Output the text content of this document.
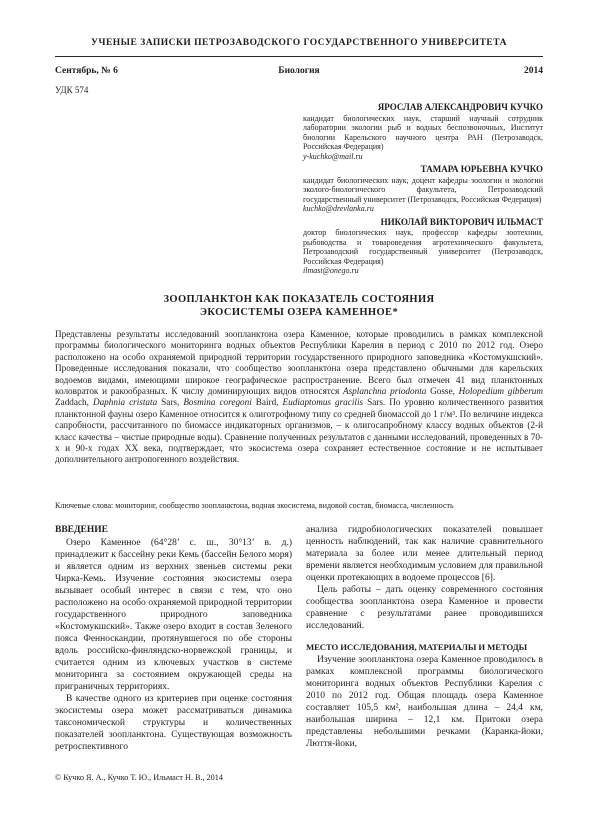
УЧЕНЫЕ ЗАПИСКИ ПЕТРОЗАВОДСКОГО ГОСУДАРСТВЕННОГО УНИВЕРСИТЕТА
Сентябрь, № 6	Биология	2014
УДК 574
ЯРОСЛАВ АЛЕКСАНДРОВИЧ КУЧКО
кандидат биологических наук, старший научный сотрудник лаборатории экологии рыб и водных беспозвоночных, Институт биологии Карельского научного центра РАН (Петрозаводск, Российская Федерация)
y-kuchko@mail.ru
ТАМАРА ЮРЬЕВНА КУЧКО
кандидат биологических наук, доцент кафедры зоологии и экологии эколого-биологического факультета, Петрозаводский государственный университет (Петрозаводск, Российская Федерация)
kuchko@drevlanka.ru
НИКОЛАЙ ВИКТОРОВИЧ ИЛЬМАСТ
доктор биологических наук, профессор кафедры зоотехнии, рыбоводства и товароведения агротехнического факультета, Петрозаводский государственный университет (Петрозаводск, Российская Федерация)
ilmast@onego.ru
ЗООПЛАНКТОН КАК ПОКАЗАТЕЛЬ СОСТОЯНИЯ
ЭКОСИСТЕМЫ ОЗЕРА КАМЕННОЕ*
Представлены результаты исследований зоопланктона озера Каменное, которые проводились в рамках комплексной программы биологического мониторинга водных объектов Республики Карелия в период с 2010 по 2012 год. Озеро расположено на особо охраняемой природной территории государственного природного заповедника «Костомукшский». Проведенные исследования показали, что сообщество зоопланктона озера представлено обычными для карельских водоемов видами, имеющими широкое географическое распространение. Всего был отмечен 41 вид планктонных коловраток и ракообразных. К числу доминирующих видов относятся Asplanchna priodonta Gosse, Holopedium gibberum Zaddach, Daphnia cristata Sars, Bosmina coregoni Baird, Eudiaptomus gracilis Sars. По уровню количественного развития планктонной фауны озеро Каменное относится к олиготрофному типу со средней биомассой до 1 г/м³. По величине индекса сапробности, рассчитанного по биомассе индикаторных организмов, – к олигосапробному классу водных объектов (2-й класс качества – чистые природные воды). Сравнение полученных результатов с данными исследований, проведенных в 70-х и 90-х годах XX века, подтверждает, что экосистема озера сохраняет естественное состояние и не испытывает дополнительного антропогенного воздействия.
Ключевые слова: мониторинг, сообщество зоопланктона, водная экосистема, видовой состав, биомасса, численность
ВВЕДЕНИЕ

Озеро Каменное (64°28’ с. ш., 30°13’ в. д.) принадлежит к бассейну реки Кемь (бассейн Белого моря) и является одним из верхних звеньев системы реки Чирка-Кемь. Изучение состояния экосистемы озера вызывает особый интерес в связи с тем, что оно расположено на особо охраняемой природной территории государственного природного заповедника «Костомукшский». Также озеро входит в состав Зеленого пояса Фенноскандии, протянувшегося по обе стороны вдоль российско-финляндско-норвежской границы, и считается одним из ключевых участков в системе мониторинга за состоянием окружающей среды на приграничных территориях.

В качестве одного из критериев при оценке состояния экосистемы озера может рассматриваться динамика таксономической структуры и количественных показателей зоопланктона. Существующая возможность ретроспективного

анализа гидробиологических показателей повышает ценность наблюдений, так как наличие сравнительного материала за более или менее длительный период времени является необходимым условием для правильной оценки протекающих в водоеме процессов [6].

Цель работы – дать оценку современного состояния сообщества зоопланктона озера Каменное и провести сравнение с результатами ранее проводившихся исследований.

МЕСТО ИССЛЕДОВАНИЯ, МАТЕРИАЛЫ И МЕТОДЫ

Изучение зоопланктона озера Каменное проводилось в рамках комплексной программы биологического мониторинга водных объектов Республики Карелия с 2010 по 2012 год. Общая площадь озера Каменное составляет 105,5 км², наибольшая длина – 24,4 км, наибольшая ширина – 12,1 км. Притоки озера представлены небольшими речками (Каранка-йоки, Люття-йоки,

© Кучко Я. А., Кучко Т. Ю., Ильмаст Н. В., 2014
